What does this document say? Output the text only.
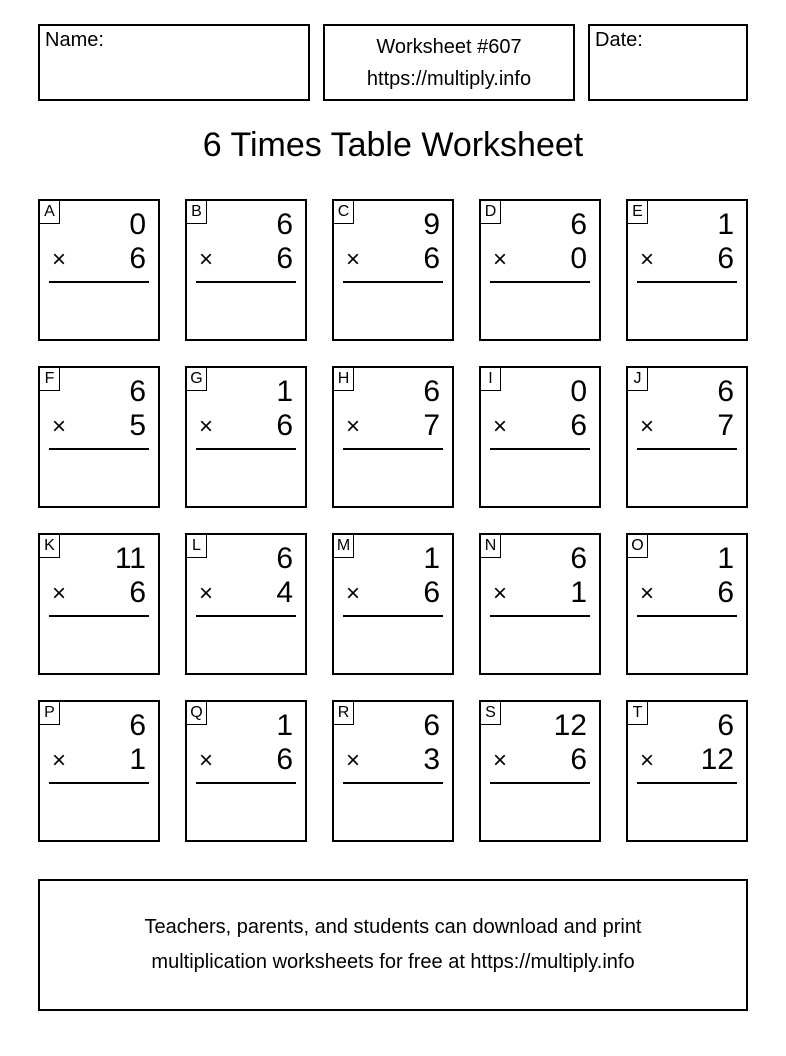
Name:	Worksheet #607
https://multiply.info
Date:
6 Times Table Worksheet
A 0
× 6
B 6
× 6
C 9
× 6
D 6
× 0
E 1
× 6
F 6
× 5
G 1
× 6
H 6
× 7
I	0
× 6
J	6
× 7
K 11
× 6
L	6
× 4
M 1
× 6
N 6
× 1
O 1
× 6
P 6
× 1
Q 1
× 6
R 6
× 3
S 12
× 6
T 6
× 12
Teachers, parents, and students can download and print
multiplication worksheets for free at https://multiply.info
